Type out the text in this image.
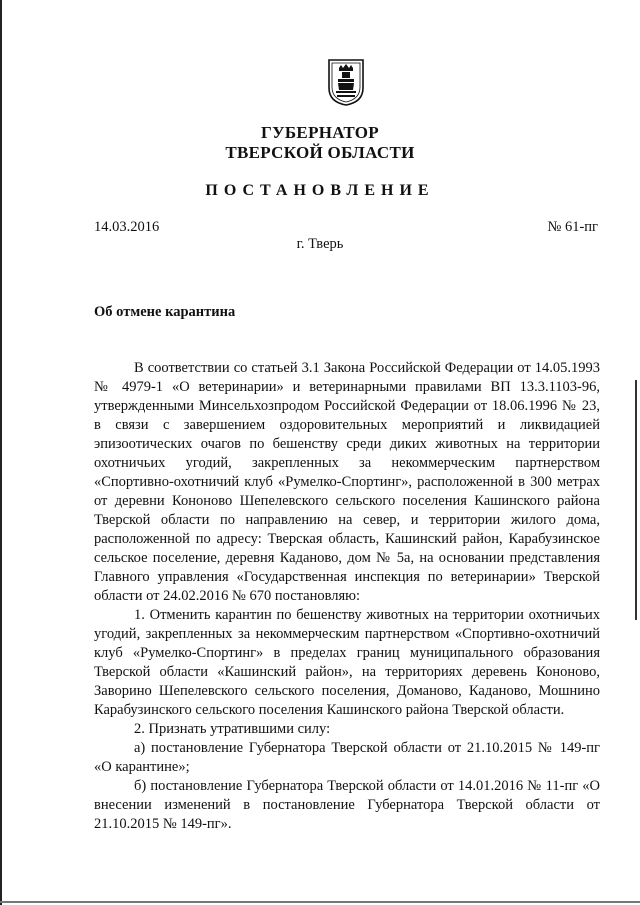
ГУБЕРНАТОР
ТВЕРСКОЙ ОБЛАСТИ
ПОСТАНОВЛЕНИЕ
14.03.2016	№ 61-пг
г. Тверь
Об отмене карантина

В соответствии со статьей 3.1 Закона Российской Федерации от 14.05.1993 № 4979-1 «О ветеринарии» и ветеринарными правилами ВП 13.3.1103-96, утвержденными Минсельхозпродом Российской Федерации от 18.06.1996 № 23, в связи с завершением оздоровительных мероприятий и ликвидацией эпизоотических очагов по бешенству среди диких животных на территории охотничьих угодий, закрепленных за некоммерческим партнерством «Спортивно-охотничий клуб «Румелко-Спортинг», расположенной в 300 метрах от деревни Кононово Шепелевского сельского поселения Кашинского района Тверской области по направлению на север, и территории жилого дома, расположенной по адресу: Тверская область, Кашинский район, Карабузинское сельское поселение, деревня Каданово, дом № 5а, на основании представления Главного управления «Государственная инспекция по ветеринарии» Тверской области от 24.02.2016 № 670 постановляю:

1. Отменить карантин по бешенству животных на территории охотничьих угодий, закрепленных за некоммерческим партнерством «Спортивно-охотничий клуб «Румелко-Спортинг» в пределах границ муниципального образования Тверской области «Кашинский район», на территориях деревень Кононово, Заворино Шепелевского сельского поселения, Доманово, Каданово, Мошнино Карабузинского сельского поселения Кашинского района Тверской области.

2. Признать утратившими силу:

а) постановление Губернатора Тверской области от 21.10.2015 № 149-пг «О карантине»;

б) постановление Губернатора Тверской области от 14.01.2016 № 11-пг «О внесении изменений в постановление Губернатора Тверской области от 21.10.2015 № 149-пг».
